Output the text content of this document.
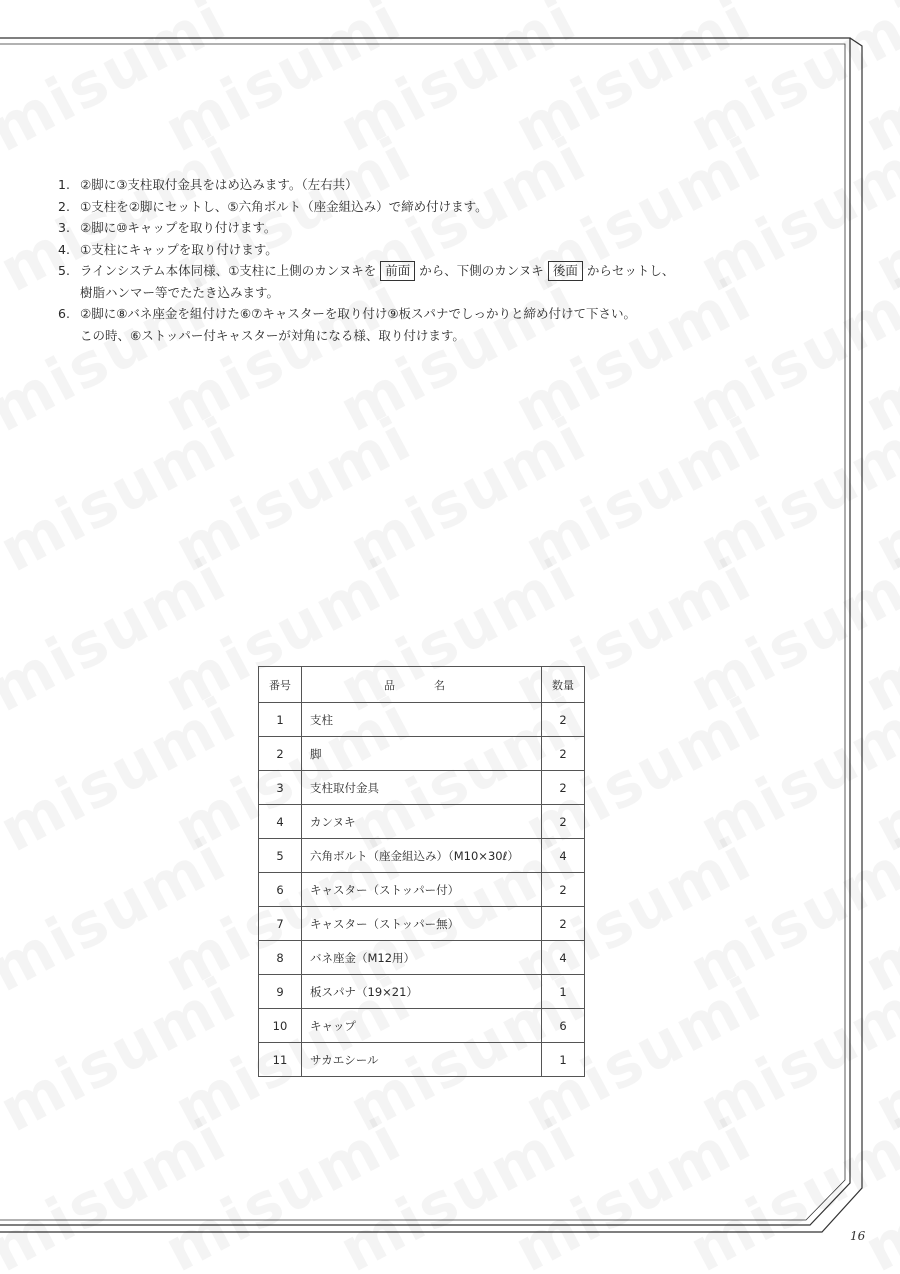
1. ②脚に③支柱取付金具をはめ込みます。（左右共）
2. ①支柱を②脚にセットし、⑤六角ボルト（座金組込み）で締め付けます。
3. ②脚に⑩キャップを取り付けます。
4. ①支柱にキャップを取り付けます。
5. ラインシステム本体同様、①支柱に上側のカンヌキを 前面 から、下側のカンヌキ 後面 からセットし、
樹脂ハンマー等でたたき込みます。
6. ②脚に⑧バネ座金を組付けた⑥⑦キャスターを取り付け⑨板スパナでしっかりと締め付けて下さい。
この時、⑥ストッパー付キャスターが対角になる様、取り付けます。
番号	品　名	数量
1	支柱	2
2	脚	2
3	支柱取付金具	2
4	カンヌキ	2
5	六角ボルト（座金組込み）（M10×30ℓ）	4
6	キャスター（ストッパー付）	2
7	キャスター（ストッパー無）	2
8	バネ座金（M12用）	4
9	板スパナ（19×21）	1
10	キャップ	6
11	サカエシール	1
16
